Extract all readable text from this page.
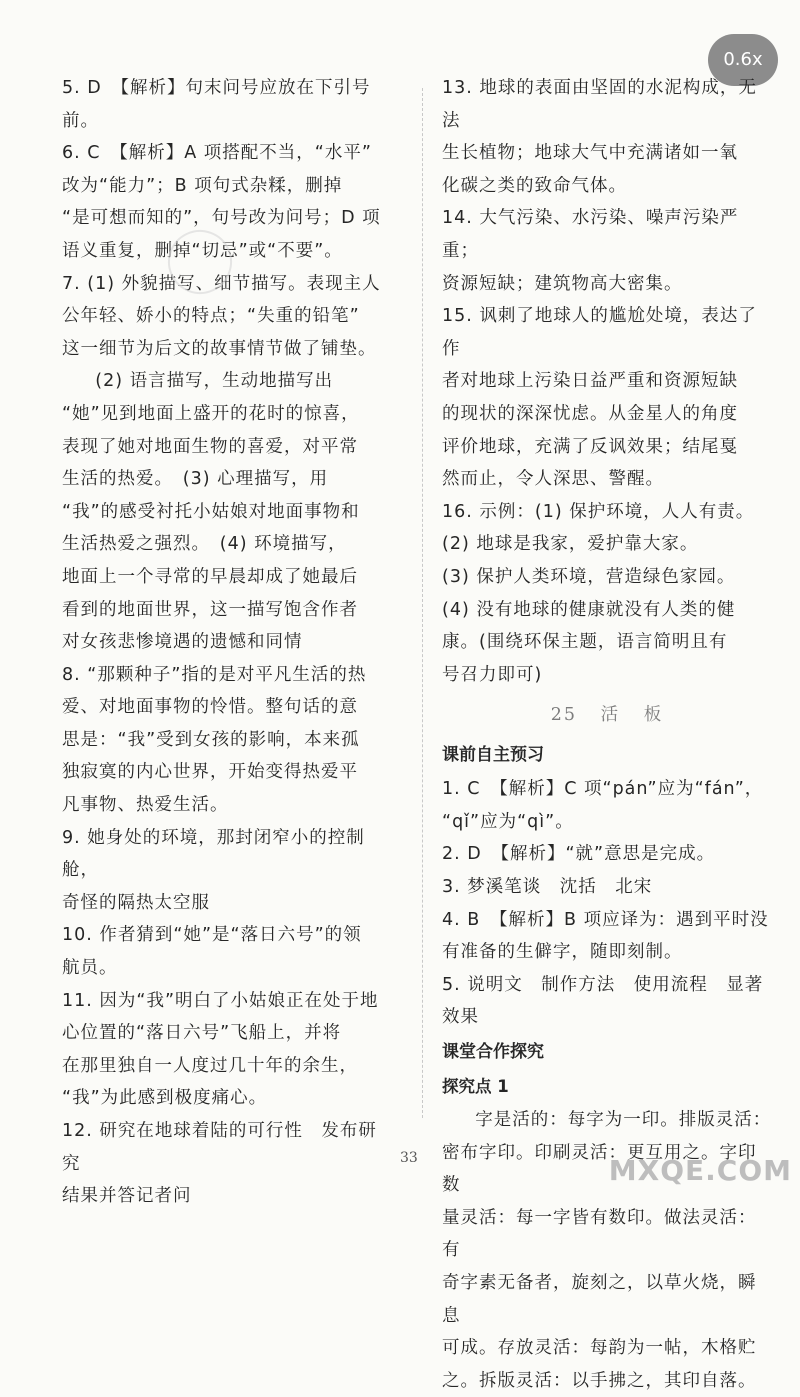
0.6x

5. D　【解析】句末问号应放在下引号

前。

6. C　【解析】A 项搭配不当，“水平”

改为“能力”；B 项句式杂糅，删掉

“是可想而知的”，句号改为问号；D 项

语义重复，删掉“切忌”或“不要”。

7. (1) 外貌描写、细节描写。表现主人

公年轻、娇小的特点；“失重的铅笔”

这一细节为后文的故事情节做了铺垫。

(2) 语言描写，生动地描写出

“她”见到地面上盛开的花时的惊喜，

表现了她对地面生物的喜爱，对平常

生活的热爱。　(3) 心理描写，用

“我”的感受衬托小姑娘对地面事物和

生活热爱之强烈。　(4) 环境描写，

地面上一个寻常的早晨却成了她最后

看到的地面世界，这一描写饱含作者

对女孩悲惨境遇的遗憾和同情

8. “那颗种子”指的是对平凡生活的热

爱、对地面事物的怜惜。整句话的意

思是：“我”受到女孩的影响，本来孤

独寂寞的内心世界，开始变得热爱平

凡事物、热爱生活。

9. 她身处的环境，那封闭窄小的控制舱，

奇怪的隔热太空服

10. 作者猜到“她”是“落日六号”的领

航员。

11. 因为“我”明白了小姑娘正在处于地

心位置的“落日六号”飞船上，并将

在那里独自一人度过几十年的余生，

“我”为此感到极度痛心。

12. 研究在地球着陆的可行性　发布研究

结果并答记者问

13. 地球的表面由坚固的水泥构成，无法

生长植物；地球大气中充满诸如一氧

化碳之类的致命气体。

14. 大气污染、水污染、噪声污染严重；

资源短缺；建筑物高大密集。

15. 讽刺了地球人的尴尬处境，表达了作

者对地球上污染日益严重和资源短缺

的现状的深深忧虑。从金星人的角度

评价地球，充满了反讽效果；结尾戛

然而止，令人深思、警醒。

16. 示例：(1) 保护环境，人人有责。

(2) 地球是我家，爱护靠大家。

(3) 保护人类环境，营造绿色家园。

(4) 没有地球的健康就没有人类的健

康。(围绕环保主题，语言简明且有

号召力即可)

25 活 板
课前自主预习

1. C　【解析】C 项“pán”应为“fán”，

“qǐ”应为“qì”。

2. D　【解析】“就”意思是完成。

3. 梦溪笔谈　沈括　北宋

4. B　【解析】B 项应译为：遇到平时没

有准备的生僻字，随即刻制。

5. 说明文　制作方法　使用流程　显著

效果

课堂合作探究
探究点 1

字是活的：每字为一印。排版灵活：

密布字印。印刷灵活：更互用之。字印数

量灵活：每一字皆有数印。做法灵活：有

奇字素无备者，旋刻之，以草火烧，瞬息

可成。存放灵活：每韵为一帖，木格贮

之。拆版灵活：以手拂之，其印自落。

33	MXQE.COM
